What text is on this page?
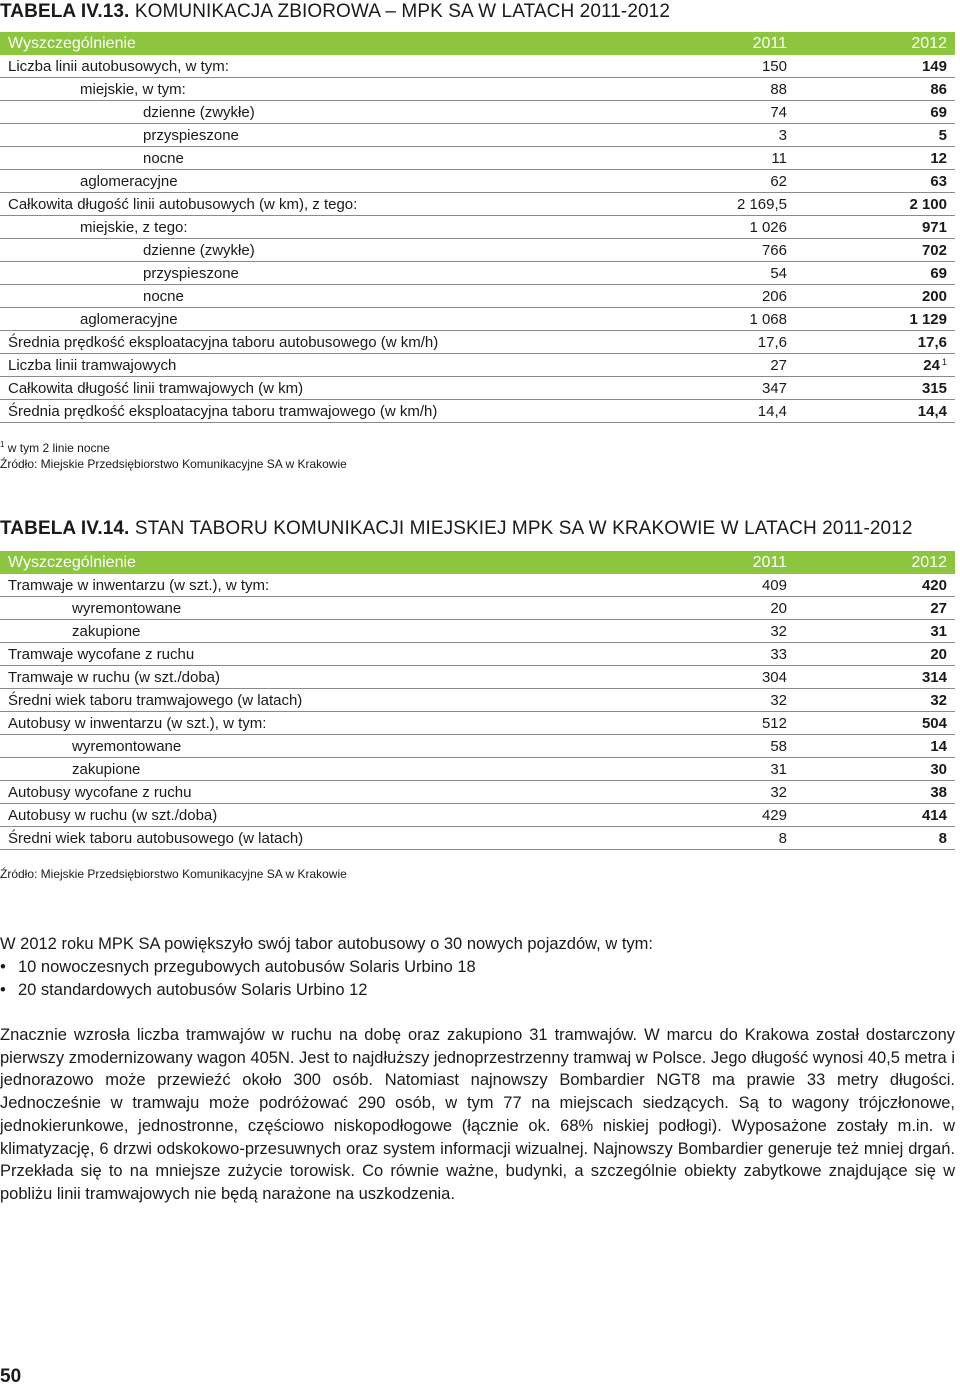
TABELA IV.13. KOMUNIKACJA ZBIOROWA – MPK SA W LATACH 2011-2012
Wyszczególnienie	2011	2012
Liczba linii autobusowych, w tym:	150	149
miejskie, w tym:	88	86
dzienne (zwykłe)	74	69
przyspieszone	3	5
nocne	11	12
aglomeracyjne	62	63
Całkowita długość linii autobusowych (w km), z tego:	2 169,5	2 100
miejskie, z tego:	1 026	971
dzienne (zwykłe)	766	702
przyspieszone	54	69
nocne	206	200
aglomeracyjne	1 068	1 129
Średnia prędkość eksploatacyjna taboru autobusowego (w km/h)	17,6	17,6
Liczba linii tramwajowych	27	24 $^1$
Całkowita długość linii tramwajowych (w km)	347	315
Średnia prędkość eksploatacyjna taboru tramwajowego (w km/h)	14,4	14,4

$^1$ w tym 2 linie nocne

Źródło: Miejskie Przedsiębiorstwo Komunikacyjne SA w Krakowie

TABELA IV.14. STAN TABORU KOMUNIKACJI MIEJSKIEJ MPK SA W KRAKOWIE W LATACH 2011-2012
Wyszczególnienie	2011	2012
Tramwaje w inwentarzu (w szt.), w tym:	409	420
wyremontowane	20	27
zakupione	32	31
Tramwaje wycofane z ruchu	33	20
Tramwaje w ruchu (w szt./doba)	304	314
Średni wiek taboru tramwajowego (w latach)	32	32
Autobusy w inwentarzu (w szt.), w tym:	512	504
wyremontowane	58	14
zakupione	31	30
Autobusy wycofane z ruchu	32	38
Autobusy w ruchu (w szt./doba)	429	414
Średni wiek taboru autobusowego (w latach)	8	8

Źródło: Miejskie Przedsiębiorstwo Komunikacyjne SA w Krakowie

W 2012 roku MPK SA powiększyło swój tabor autobusowy o 30 nowych pojazdów, w tym:

• 10 nowoczesnych przegubowych autobusów Solaris Urbino 18
• 20 standardowych autobusów Solaris Urbino 12

Znacznie wzrosła liczba tramwajów w ruchu na dobę oraz zakupiono 31 tramwajów. W marcu do Krakowa został dostarczony pierwszy zmodernizowany wagon 405N. Jest to najdłuższy jednoprzestrzenny tramwaj w Polsce. Jego długość wynosi 40,5 metra i jednorazowo może przewieźć około 300 osób. Natomiast najnowszy Bombardier NGT8 ma prawie 33 metry długości. Jednocześnie w tramwaju może podróżować 290 osób, w tym 77 na miejscach siedzących. Są to wagony trójczłonowe, jednokierunkowe, jednostronne, częściowo niskopodłogowe (łącznie ok. 68% niskiej podłogi). Wyposażone zostały m.in. w klimatyzację, 6 drzwi odskokowo-przesuwnych oraz system informacji wizualnej. Najnowszy Bombardier generuje też mniej drgań. Przekłada się to na mniejsze zużycie torowisk. Co równie ważne, budynki, a szczególnie obiekty zabytkowe znajdujące się w pobliżu linii tramwajowych nie będą narażone na uszkodzenia.

50
